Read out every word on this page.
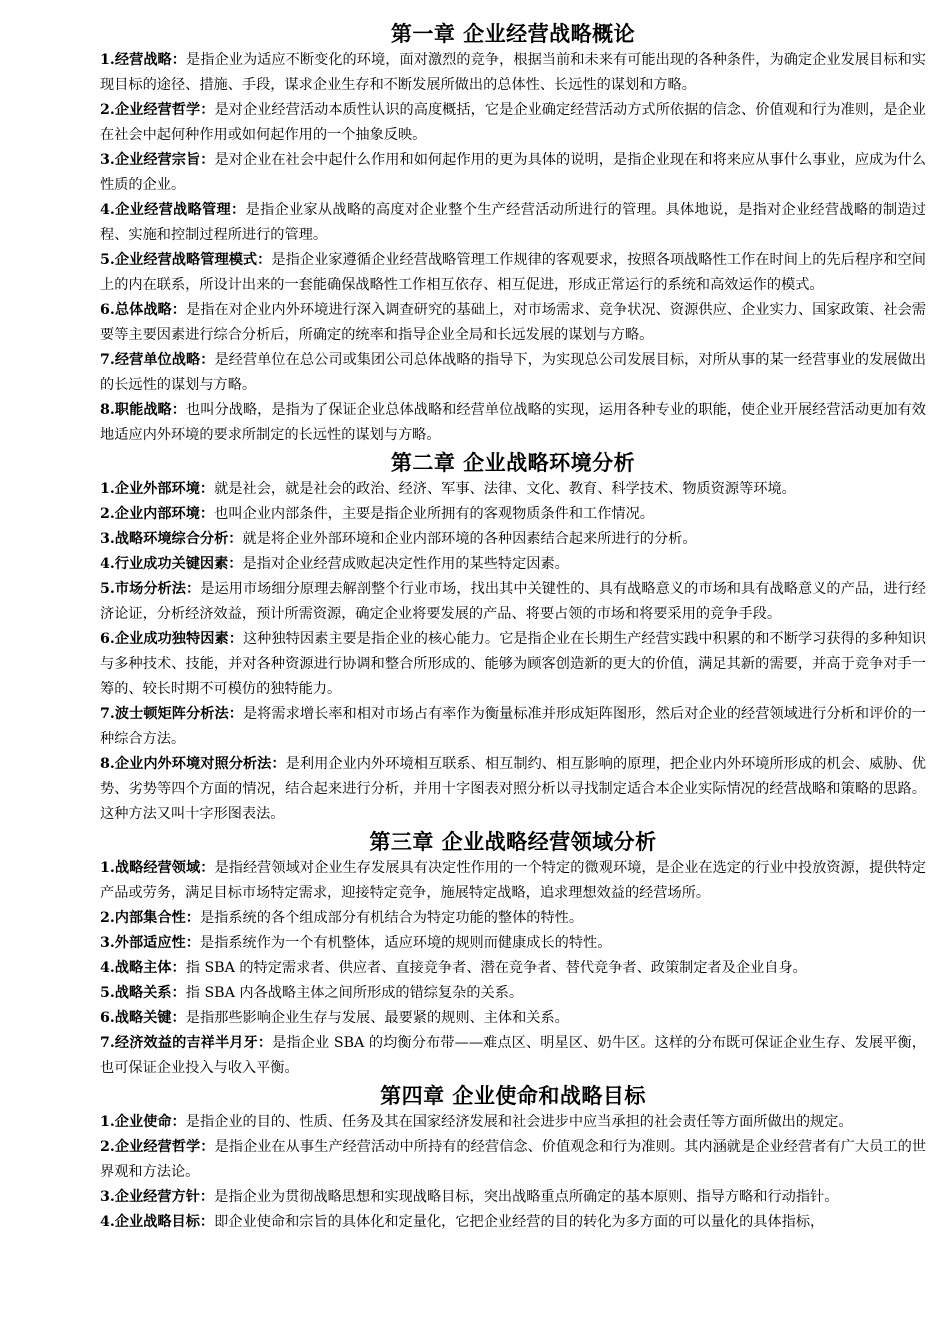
第一章 企业经营战略概论

1.经营战略：是指企业为适应不断变化的环境，面对激烈的竞争，根据当前和未来有可能出现的各种条件，为确定企业发展目标和实现目标的途径、措施、手段，谋求企业生存和不断发展所做出的总体性、长远性的谋划和方略。

2.企业经营哲学：是对企业经营活动本质性认识的高度概括，它是企业确定经营活动方式所依据的信念、价值观和行为准则，是企业在社会中起何种作用或如何起作用的一个抽象反映。

3.企业经营宗旨：是对企业在社会中起什么作用和如何起作用的更为具体的说明，是指企业现在和将来应从事什么事业，应成为什么性质的企业。

4.企业经营战略管理：是指企业家从战略的高度对企业整个生产经营活动所进行的管理。具体地说，是指对企业经营战略的制造过程、实施和控制过程所进行的管理。

5.企业经营战略管理模式：是指企业家遵循企业经营战略管理工作规律的客观要求，按照各项战略性工作在时间上的先后程序和空间上的内在联系，所设计出来的一套能确保战略性工作相互依存、相互促进，形成正常运行的系统和高效运作的模式。

6.总体战略：是指在对企业内外环境进行深入调查研究的基础上，对市场需求、竞争状况、资源供应、企业实力、国家政策、社会需要等主要因素进行综合分析后，所确定的统率和指导企业全局和长远发展的谋划与方略。

7.经营单位战略：是经营单位在总公司或集团公司总体战略的指导下，为实现总公司发展目标，对所从事的某一经营事业的发展做出的长远性的谋划与方略。

8.职能战略：也叫分战略，是指为了保证企业总体战略和经营单位战略的实现，运用各种专业的职能，使企业开展经营活动更加有效地适应内外环境的要求所制定的长远性的谋划与方略。

第二章 企业战略环境分析

1.企业外部环境：就是社会，就是社会的政治、经济、军事、法律、文化、教育、科学技术、物质资源等环境。

2.企业内部环境：也叫企业内部条件，主要是指企业所拥有的客观物质条件和工作情况。

3.战略环境综合分析：就是将企业外部环境和企业内部环境的各种因素结合起来所进行的分析。

4.行业成功关键因素：是指对企业经营成败起决定性作用的某些特定因素。

5.市场分析法：是运用市场细分原理去解剖整个行业市场，找出其中关键性的、具有战略意义的市场和具有战略意义的产品，进行经济论证，分析经济效益，预计所需资源，确定企业将要发展的产品、将要占领的市场和将要采用的竞争手段。

6.企业成功独特因素：这种独特因素主要是指企业的核心能力。它是指企业在长期生产经营实践中积累的和不断学习获得的多种知识与多种技术、技能，并对各种资源进行协调和整合所形成的、能够为顾客创造新的更大的价值，满足其新的需要，并高于竞争对手一筹的、较长时期不可模仿的独特能力。

7.波士顿矩阵分析法：是将需求增长率和相对市场占有率作为衡量标准并形成矩阵图形，然后对企业的经营领域进行分析和评价的一种综合方法。

8.企业内外环境对照分析法：是利用企业内外环境相互联系、相互制约、相互影响的原理，把企业内外环境所形成的机会、威胁、优势、劣势等四个方面的情况，结合起来进行分析，并用十字图表对照分析以寻找制定适合本企业实际情况的经营战略和策略的思路。这种方法又叫十字形图表法。

第三章 企业战略经营领域分析

1.战略经营领域：是指经营领域对企业生存发展具有决定性作用的一个特定的微观环境，是企业在选定的行业中投放资源，提供特定产品或劳务，满足目标市场特定需求，迎接特定竞争，施展特定战略，追求理想效益的经营场所。

2.内部集合性：是指系统的各个组成部分有机结合为特定功能的整体的特性。

3.外部适应性：是指系统作为一个有机整体，适应环境的规则而健康成长的特性。

4.战略主体：指 SBA 的特定需求者、供应者、直接竞争者、潜在竞争者、替代竞争者、政策制定者及企业自身。

5.战略关系：指 SBA 内各战略主体之间所形成的错综复杂的关系。

6.战略关键：是指那些影响企业生存与发展、最要紧的规则、主体和关系。

7.经济效益的吉祥半月牙：是指企业 SBA 的均衡分布带——难点区、明星区、奶牛区。这样的分布既可保证企业生存、发展平衡，也可保证企业投入与收入平衡。

第四章 企业使命和战略目标

1.企业使命：是指企业的目的、性质、任务及其在国家经济发展和社会进步中应当承担的社会责任等方面所做出的规定。

2.企业经营哲学：是指企业在从事生产经营活动中所持有的经营信念、价值观念和行为准则。其内涵就是企业经营者有广大员工的世界观和方法论。

3.企业经营方针：是指企业为贯彻战略思想和实现战略目标，突出战略重点所确定的基本原则、指导方略和行动指针。

4.企业战略目标：即企业使命和宗旨的具体化和定量化，它把企业经营的目的转化为多方面的可以量化的具体指标，
